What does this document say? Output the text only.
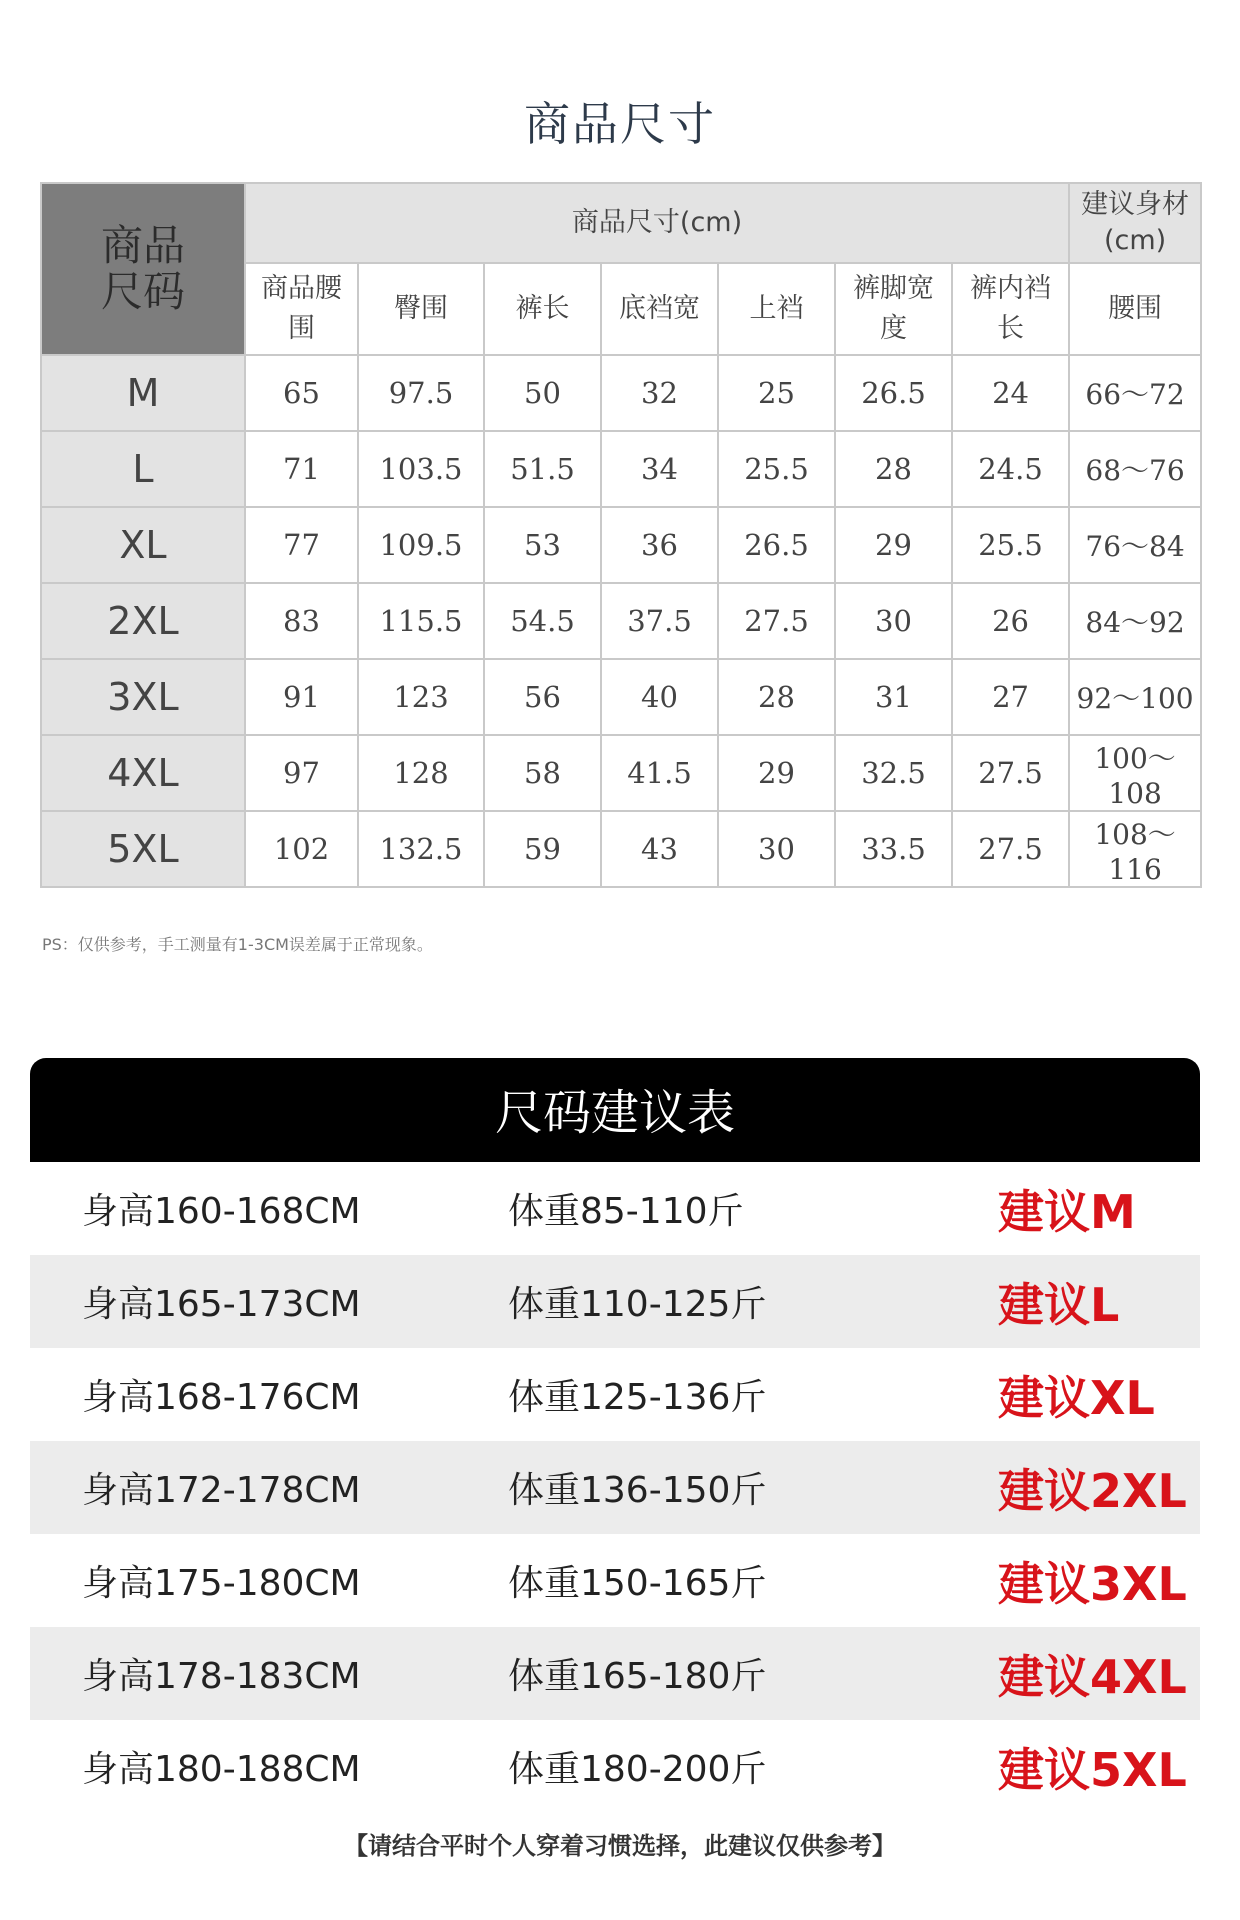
商品尺寸
商品尺码	商品尺寸(cm)							建议身材(cm)

	商品腰围	臀围	裤长	底裆宽	上裆	裤脚宽度	裤内裆长	腰围
M	65	97.5	50	32	25	26.5	24	66～72
L	71	103.5	51.5	34	25.5	28	24.5	68～76
XL	77	109.5	53	36	26.5	29	25.5	76～84
2XL	83	115.5	54.5	37.5	27.5	30	26	84～92
3XL	91	123	56	40	28	31	27	92～100
4XL	97	128	58	41.5	29	32.5	27.5	100～108
5XL	102	132.5	59	43	30	33.5	27.5	108～116
PS：仅供参考，手工测量有1-3CM误差属于正常现象。
尺码建议表
身高160-168CM	体重85-110斤	建议M
身高165-173CM	体重110-125斤	建议L
身高168-176CM	体重125-136斤	建议XL
身高172-178CM	体重136-150斤	建议2XL
身高175-180CM	体重150-165斤	建议3XL
身高178-183CM	体重165-180斤	建议4XL
身高180-188CM	体重180-200斤	建议5XL
【请结合平时个人穿着习惯选择，此建议仅供参考】
